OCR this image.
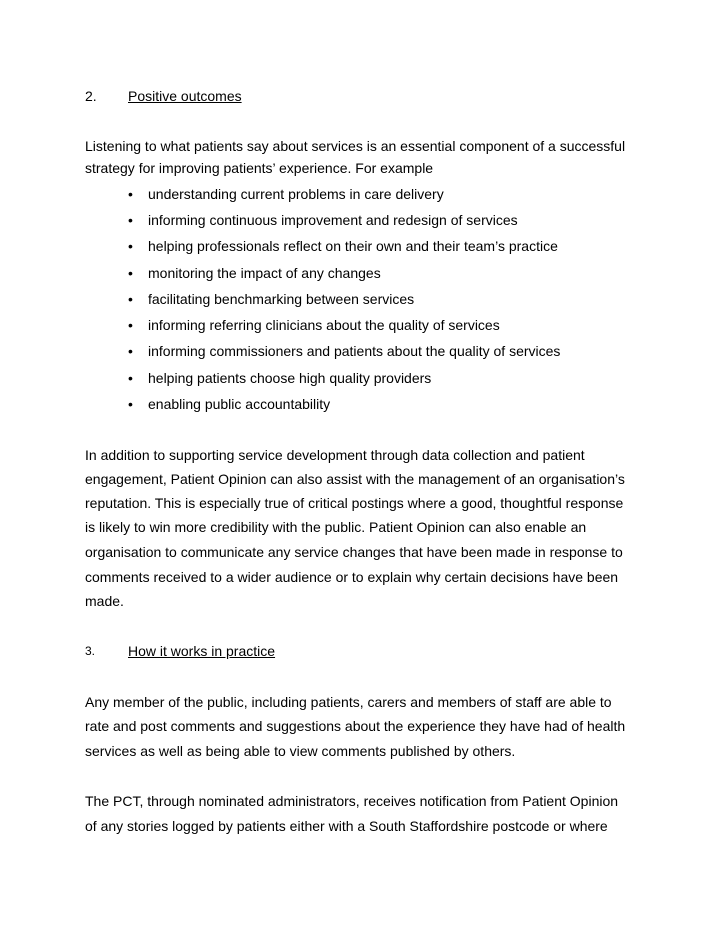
2. Positive outcomes
Listening to what patients say about services is an essential component of a successful
strategy for improving patients’ experience. For example
• understanding current problems in care delivery
• informing continuous improvement and redesign of services
• helping professionals reflect on their own and their team’s practice
• monitoring the impact of any changes
• facilitating benchmarking between services
• informing referring clinicians about the quality of services
• informing commissioners and patients about the quality of services
• helping patients choose high quality providers
• enabling public accountability
In addition to supporting service development through data collection and patient
engagement, Patient Opinion can also assist with the management of an organisation’s
reputation. This is especially true of critical postings where a good, thoughtful response
is likely to win more credibility with the public. Patient Opinion can also enable an
organisation to communicate any service changes that have been made in response to
comments received to a wider audience or to explain why certain decisions have been
made.
3. How it works in practice
Any member of the public, including patients, carers and members of staff are able to
rate and post comments and suggestions about the experience they have had of health
services as well as being able to view comments published by others.
The PCT, through nominated administrators, receives notification from Patient Opinion
of any stories logged by patients either with a South Staffordshire postcode or where
